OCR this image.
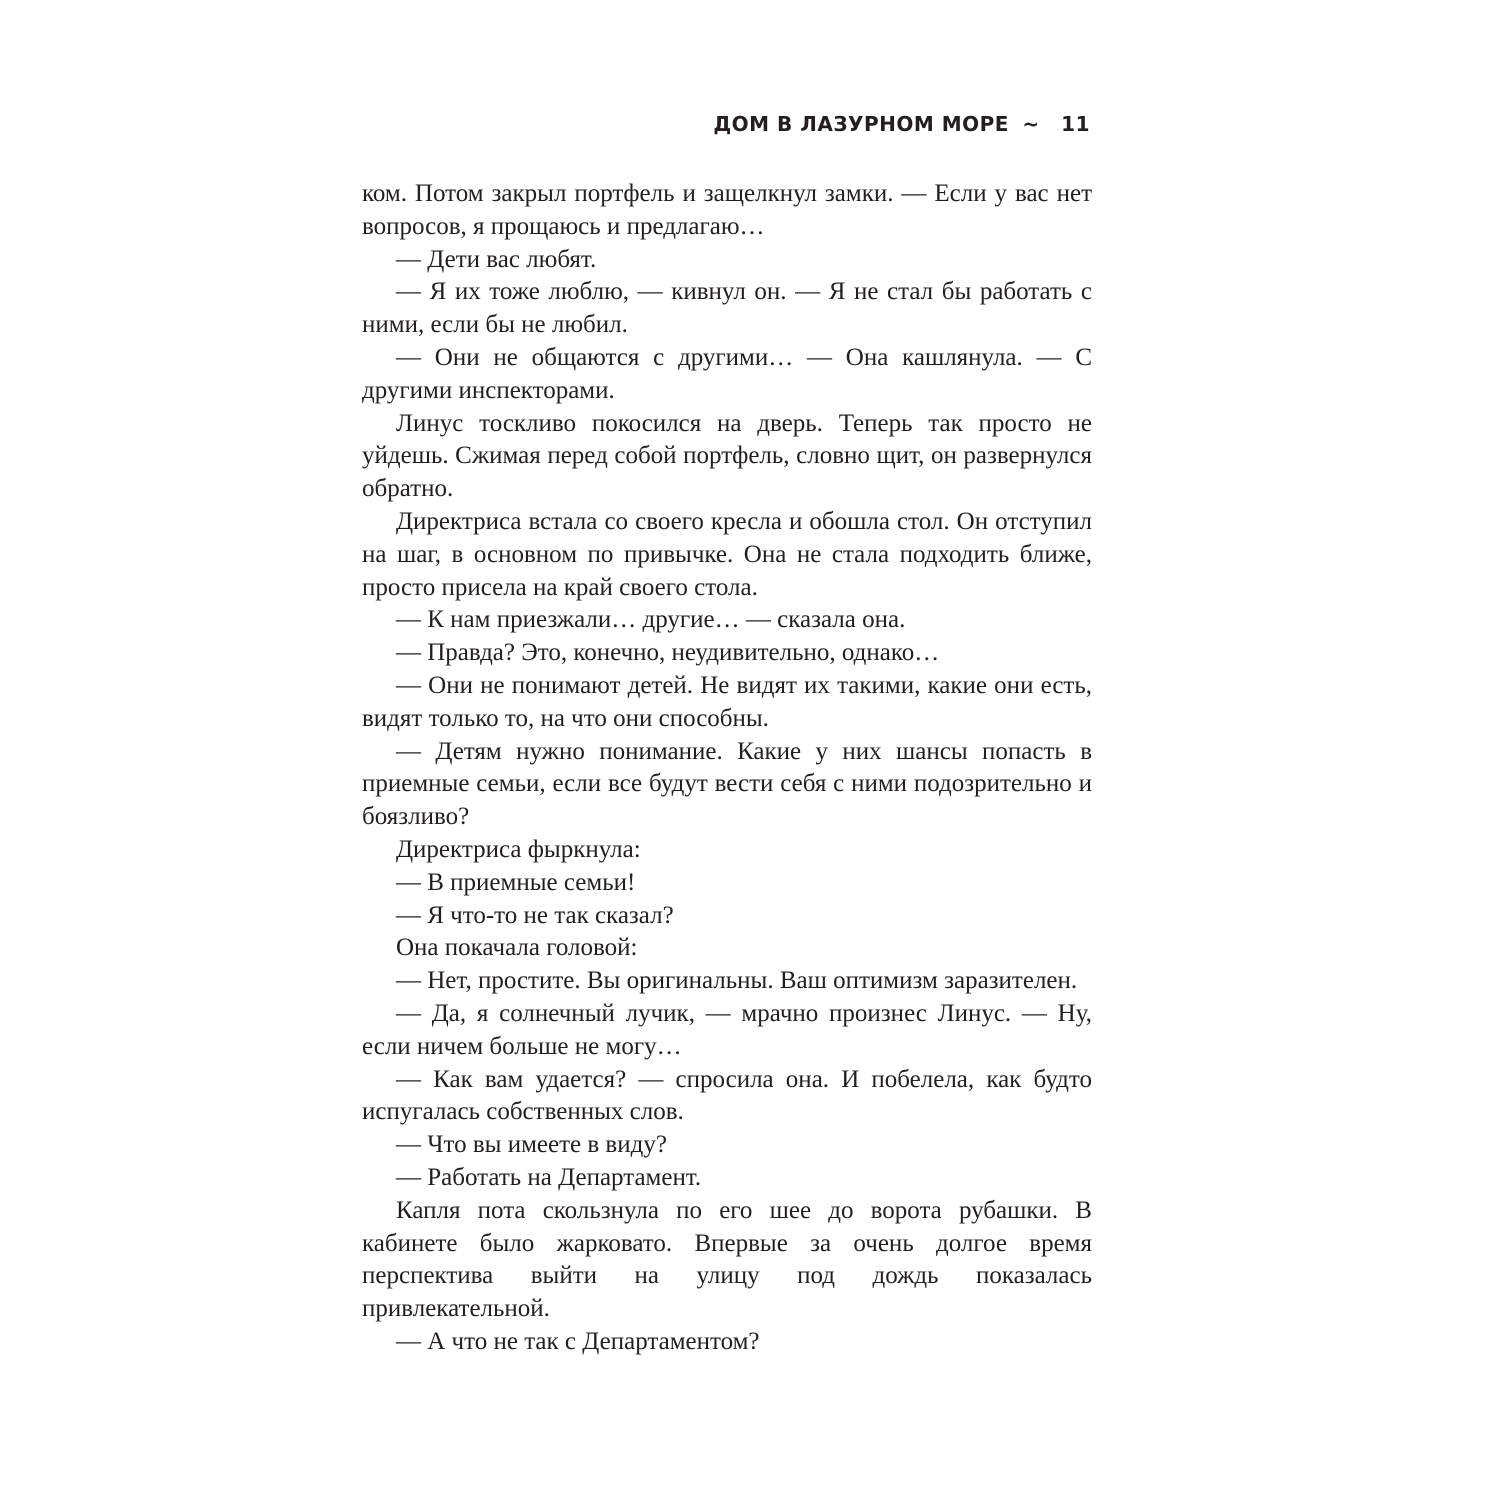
ДОМ В ЛАЗУРНОМ МОРЕ ~ 11

ком. Потом закрыл портфель и защелкнул замки. — Если у вас нет вопросов, я прощаюсь и предлагаю…

— Дети вас любят.

— Я их тоже люблю, — кивнул он. — Я не стал бы работать с ними, если бы не любил.

— Они не общаются с другими… — Она кашлянула. — С другими инспекторами.

Линус тоскливо покосился на дверь. Теперь так просто не уйдешь. Сжимая перед собой портфель, словно щит, он развернулся обратно.

Директриса встала со своего кресла и обошла стол. Он отступил на шаг, в основном по привычке. Она не стала подходить ближе, просто присела на край своего стола.

— К нам приезжали… другие… — сказала она.

— Правда? Это, конечно, неудивительно, однако…

— Они не понимают детей. Не видят их такими, какие они есть, видят только то, на что они способны.

— Детям нужно понимание. Какие у них шансы попасть в приемные семьи, если все будут вести себя с ними подозрительно и боязливо?

Директриса фыркнула:

— В приемные семьи!

— Я что-то не так сказал?

Она покачала головой:

— Нет, простите. Вы оригинальны. Ваш оптимизм заразителен.

— Да, я солнечный лучик, — мрачно произнес Линус. — Ну, если ничем больше не могу…

— Как вам удается? — спросила она. И побелела, как будто испугалась собственных слов.

— Что вы имеете в виду?

— Работать на Департамент.

Капля пота скользнула по его шее до ворота рубашки. В кабинете было жарковато. Впервые за очень долгое время перспектива выйти на улицу под дождь показалась привлекательной.

— А что не так с Департаментом?
